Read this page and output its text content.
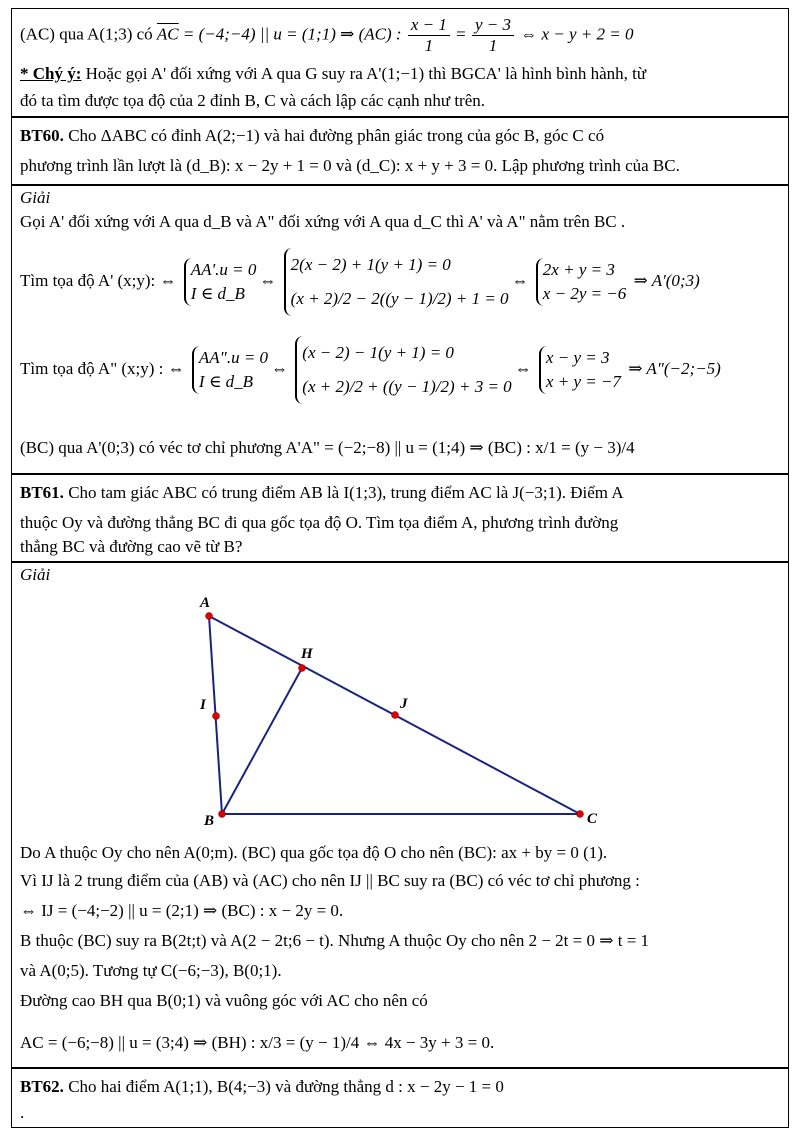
(AC) qua A(1;3) có $\overline{AC}$ = (−4;−4) || u = (1;1) ⇒ (AC) : $\frac{x - 1}{1} = \frac{y - 3}{1}$ ⇔ x − y + 2 = 0
* Chý ý: Hoặc gọi A' đối xứng với A qua G suy ra A'(1;−1) thì BGCA' là hình bình hành, từ
đó ta tìm được tọa độ của 2 đỉnh B, C và cách lập các cạnh như trên.
BT60. Cho ΔABC có đỉnh A(2;−1) và hai đường phân giác trong của góc B, góc C có
phương trình lần lượt là (d_B): x − 2y + 1 = 0 và (d_C): x + y + 3 = 0. Lập phương trình của BC.
Giải
Gọi A' đối xứng với A qua d_B và A" đối xứng với A qua d_C thì A' và A" nằm trên BC .
Tìm tọa độ A' (x;y): ⇔
AA'.u = 0
I ∈ d_B
⇔
2(x − 2) + 1(y + 1) = 0
(x + 2)/2 − 2((y − 1)/2) + 1 = 0
⇔
2x + y = 3
x − 2y = −6
⇒ A'(0;3)
Tìm tọa độ A" (x;y) : ⇔
AA".u = 0
I ∈ d_B
⇔
(x − 2) − 1(y + 1) = 0
(x + 2)/2 + ((y − 1)/2) + 3 = 0
⇔
x − y = 3
x + y = −7
⇒ A"(−2;−5)
(BC) qua A'(0;3) có véc tơ chỉ phương A'A" = (−2;−8) || u = (1;4) ⇒ (BC) : x/1 = (y − 3)/4
BT61. Cho tam giác ABC có trung điểm AB là I(1;3), trung điểm AC là J(−3;1). Điểm A
thuộc Oy và đường thẳng BC đi qua gốc tọa độ O. Tìm tọa điểm A, phương trình đường
thẳng BC và đường cao vẽ từ B?
Giải
A
B	C
H
I	J
Do A thuộc Oy cho nên A(0;m). (BC) qua gốc tọa độ O cho nên (BC): ax + by = 0 (1).
Vì IJ là 2 trung điểm của (AB) và (AC) cho nên IJ || BC suy ra (BC) có véc tơ chỉ phương :
⇔ IJ = (−4;−2) || u = (2;1) ⇒ (BC) : x − 2y = 0.
B thuộc (BC) suy ra B(2t;t) và A(2 − 2t;6 − t). Nhưng A thuộc Oy cho nên 2 − 2t = 0 ⇒ t = 1
và A(0;5). Tương tự C(−6;−3), B(0;1).
Đường cao BH qua B(0;1) và vuông góc với AC cho nên có
AC = (−6;−8) || u = (3;4) ⇒ (BH) : x/3 = (y − 1)/4 ⇔ 4x − 3y + 3 = 0.
BT62. Cho hai điểm A(1;1), B(4;−3) và đường thẳng d : x − 2y − 1 = 0
.
